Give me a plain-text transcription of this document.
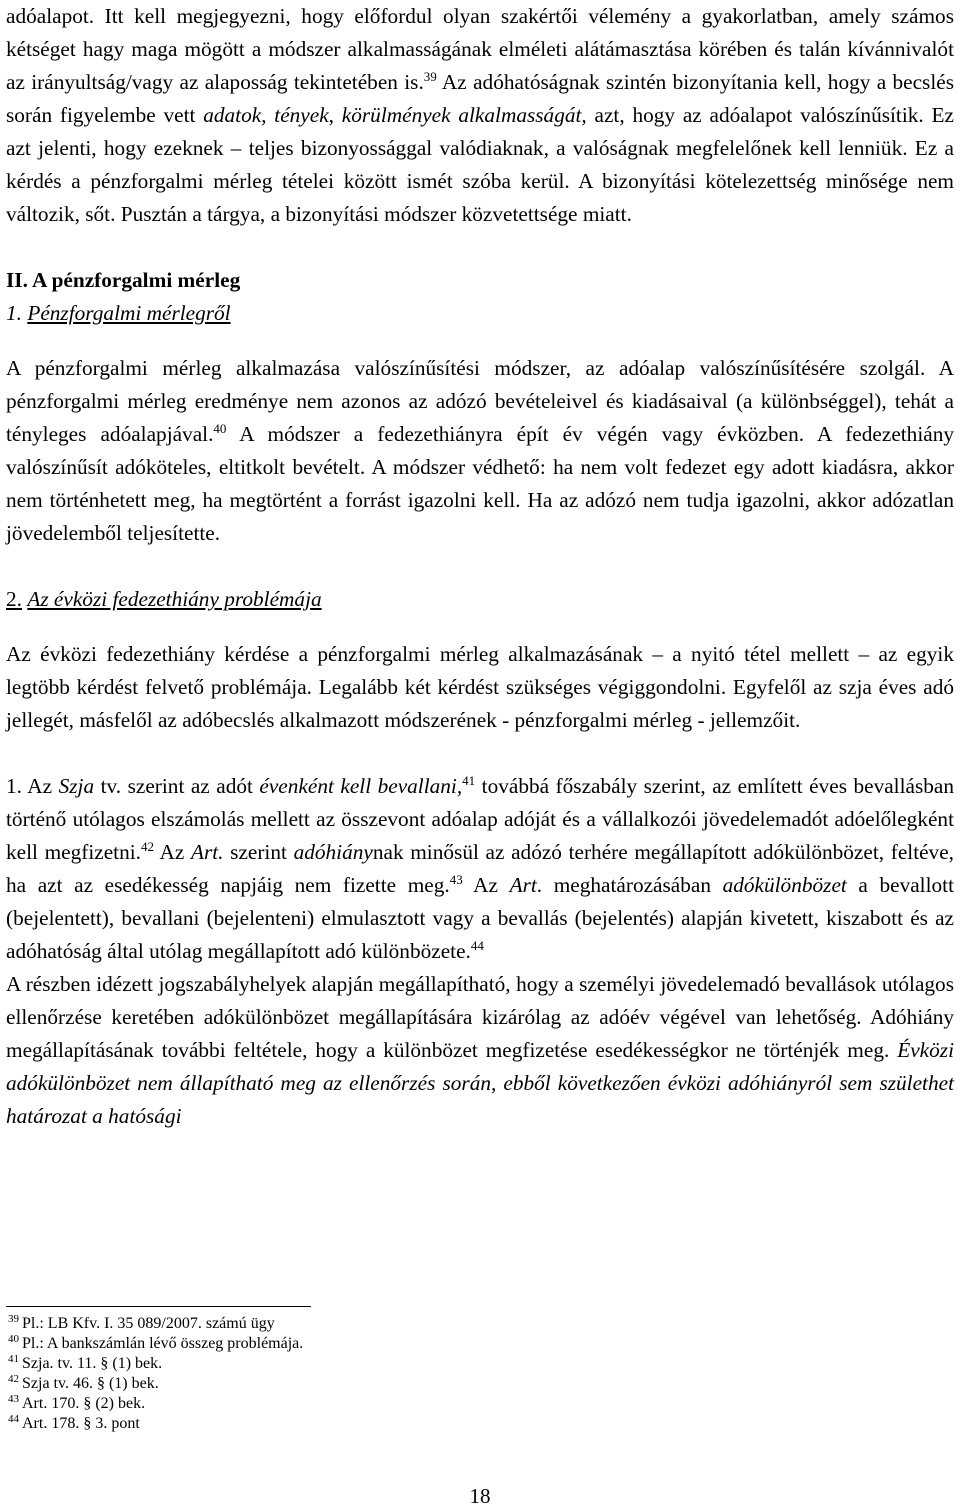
adóalapot. Itt kell megjegyezni, hogy előfordul olyan szakértői vélemény a gyakorlatban, amely számos kétséget hagy maga mögött a módszer alkalmasságának elméleti alátámasztása körében és talán kívánnivalót az irányultság/vagy az alaposság tekintetében is.$^{39}$ Az adóhatóságnak szintén bizonyítania kell, hogy a becslés során figyelembe vett adatok, tények, körülmények alkalmasságát, azt, hogy az adóalapot valószínűsítik. Ez azt jelenti, hogy ezeknek – teljes bizonyossággal valódiaknak, a valóságnak megfelelőnek kell lenniük. Ez a kérdés a pénzforgalmi mérleg tételei között ismét szóba kerül. A bizonyítási kötelezettség minősége nem változik, sőt. Pusztán a tárgya, a bizonyítási módszer közvetettsége miatt.

II. A pénzforgalmi mérleg

1. Pénzforgalmi mérlegről

A pénzforgalmi mérleg alkalmazása valószínűsítési módszer, az adóalap valószínűsítésére szolgál. A pénzforgalmi mérleg eredménye nem azonos az adózó bevételeivel és kiadásaival (a különbséggel), tehát a tényleges adóalapjával.$^{40}$ A módszer a fedezethiányra épít év végén vagy évközben. A fedezethiány valószínűsít adóköteles, eltitkolt bevételt. A módszer védhető: ha nem volt fedezet egy adott kiadásra, akkor nem történhetett meg, ha megtörtént a forrást igazolni kell. Ha az adózó nem tudja igazolni, akkor adózatlan jövedelemből teljesítette.

2. Az évközi fedezethiány problémája

Az évközi fedezethiány kérdése a pénzforgalmi mérleg alkalmazásának – a nyitó tétel mellett – az egyik legtöbb kérdést felvető problémája. Legalább két kérdést szükséges végiggondolni. Egyfelől az szja éves adó jellegét, másfelől az adóbecslés alkalmazott módszerének - pénzforgalmi mérleg - jellemzőit.

1. Az Szja tv. szerint az adót évenként kell bevallani,$^{41}$ továbbá főszabály szerint, az említett éves bevallásban történő utólagos elszámolás mellett az összevont adóalap adóját és a vállalkozói jövedelemadót adóelőlegként kell megfizetni.$^{42}$ Az Art. szerint adóhiánynak minősül az adózó terhére megállapított adókülönbözet, feltéve, ha azt az esedékesség napjáig nem fizette meg.$^{43}$ Az Art. meghatározásában adókülönbözet a bevallott (bejelentett), bevallani (bejelenteni) elmulasztott vagy a bevallás (bejelentés) alapján kivetett, kiszabott és az adóhatóság által utólag megállapított adó különbözete.$^{44}$

A részben idézett jogszabályhelyek alapján megállapítható, hogy a személyi jövedelemadó bevallások utólagos ellenőrzése keretében adókülönbözet megállapítására kizárólag az adóév végével van lehetőség. Adóhiány megállapításának további feltétele, hogy a különbözet megfizetése esedékességkor ne történjék meg. Évközi adókülönbözet nem állapítható meg az ellenőrzés során, ebből következően évközi adóhiányról sem születhet határozat a hatósági

$^{39}$ Pl.: LB Kfv. I. 35 089/2007. számú ügy
$^{40}$ Pl.: A bankszámlán lévő összeg problémája.
$^{41}$ Szja. tv. 11. § (1) bek.
$^{42}$ Szja tv. 46. § (1) bek.
$^{43}$ Art. 170. § (2) bek.
$^{44}$ Art. 178. § 3. pont
18
